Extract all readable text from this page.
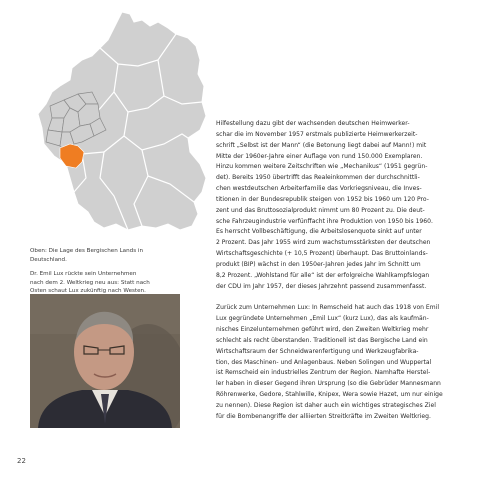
Oben: Die Lage des Bergischen Lands in
Deutschland.
Dr. Emil Lux rückte sein Unternehmen
nach dem 2. Weltkrieg neu aus: Statt nach
Osten schaut Lux zukünftig nach Westen.

Hilfestellung dazu gibt der wachsenden deutschen Heimwerker-
schar die im November 1957 erstmals publizierte Heimwerkerzeit-
schrift „Selbst ist der Mann“ (die Betonung liegt dabei auf Mann!) mit
Mitte der 1960er-Jahre einer Auflage von rund 150.000 Exemplaren.
Hinzu kommen weitere Zeitschriften wie „Mechanikus“ (1951 gegrün-
det). Bereits 1950 übertrifft das Realeinkommen der durchschnittli-
chen westdeutschen Arbeiterfamilie das Vorkriegsniveau, die Inves-
titionen in der Bundesrepublik steigen von 1952 bis 1960 um 120 Pro-
zent und das Bruttosozialprodukt nimmt um 80 Prozent zu. Die deut-
sche Fahrzeugindustrie verfünffacht ihre Produktion von 1950 bis 1960.
Es herrscht Vollbeschäftigung, die Arbeitslosenquote sinkt auf unter
2 Prozent. Das Jahr 1955 wird zum wachstumsstärksten der deutschen
Wirtschaftsgeschichte (+ 10,5 Prozent) überhaupt. Das Bruttoinlands-
produkt (BIP) wächst in den 1950er-Jahren jedes Jahr im Schnitt um
8,2 Prozent. „Wohlstand für alle“ ist der erfolgreiche Wahlkampfslogan
der CDU im Jahr 1957, der dieses Jahrzehnt passend zusammenfasst.

Zurück zum Unternehmen Lux: In Remscheid hat auch das 1918 von Emil
Lux gegründete Unternehmen „Emil Lux“ (kurz Lux), das als kaufmän-
nisches Einzelunternehmen geführt wird, den Zweiten Weltkrieg mehr
schlecht als recht überstanden. Traditionell ist das Bergische Land ein
Wirtschaftsraum der Schneidwarenfertigung und Werkzeugfabrika-
tion, des Maschinen- und Anlagenbaus. Neben Solingen und Wuppertal
ist Remscheid ein industrielles Zentrum der Region. Namhafte Herstel-
ler haben in dieser Gegend ihren Ursprung (so die Gebrüder Mannesmann
Röhrenwerke, Gedore, Stahlwille, Knipex, Wera sowie Hazet, um nur einige
zu nennen). Diese Region ist daher auch ein wichtiges strategisches Ziel
für die Bombenangriffe der alliierten Streitkräfte im Zweiten Weltkrieg.

22
